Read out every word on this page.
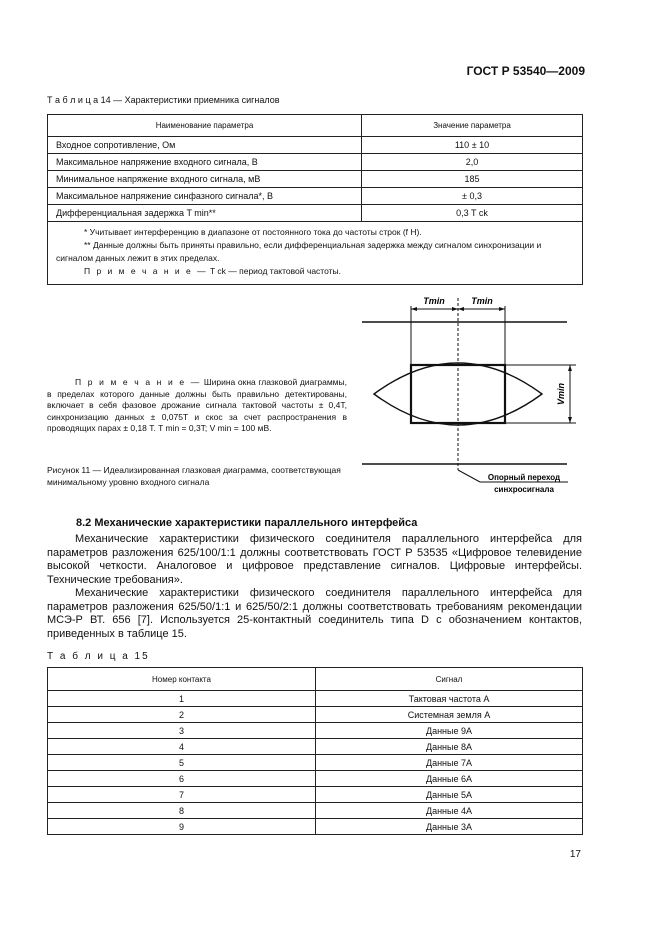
ГОСТ Р 53540—2009
Т а б л и ц а 14 — Характеристики приемника сигналов
Наименование параметра	Значение параметра
Входное сопротивление, Ом	110 ± 10
Максимальное напряжение входного сигнала, В	2,0
Минимальное напряжение входного сигнала, мВ	185
Максимальное напряжение синфазного сигнала*, В	± 0,3
Дифференциальная задержка T min**	0,3 T ck

* Учитывает интерференцию в диапазоне от постоянного тока до частоты строк (f H).
** Данные должны быть приняты правильно, если дифференциальная задержка между сигналом синхронизации и сигналом данных лежит в этих пределах.
П р и м е ч а н и е — T ck — период тактовой частоты.	
П р и м е ч а н и е — Ширина окна глазковой диаграммы, в пределах которого данные должны быть правильно детектированы, включает в себя фазовое дрожание сигнала тактовой частоты ± 0,4T, синхронизацию данных ± 0,075T и скос за счет распространения в проводящих парах ± 0,18 T. T min = 0,3T; V min = 100 мВ.
Рисунок 11 — Идеализированная глазковая диаграмма, соответствующая минимальному уровню входного сигнала
Tmin	Tmin
Vmin
Опорный переход
синхросигнала
8.2 Механические характеристики параллельного интерфейса
Механические характеристики физического соединителя параллельного интерфейса для параметров разложения 625/100/1:1 должны соответствовать ГОСТ Р 53535 «Цифровое телевидение высокой четкости. Аналоговое и цифровое представление сигналов. Цифровые интерфейсы. Технические требования».
Механические характеристики физического соединителя параллельного интерфейса для параметров разложения 625/50/1:1 и 625/50/2:1 должны соответствовать требованиям рекомендации МСЭ-Р ВТ. 656 [7]. Используется 25-контактный соединитель типа D с обозначением контактов, приведенных в таблице 15.
Т а б л и ц а 15
Номер контакта	Сигнал
1	Тактовая частота А
2	Системная земля А
3	Данные 9А
4	Данные 8А
5	Данные 7А
6	Данные 6А
7	Данные 5А
8	Данные 4А
9	Данные 3А
17
